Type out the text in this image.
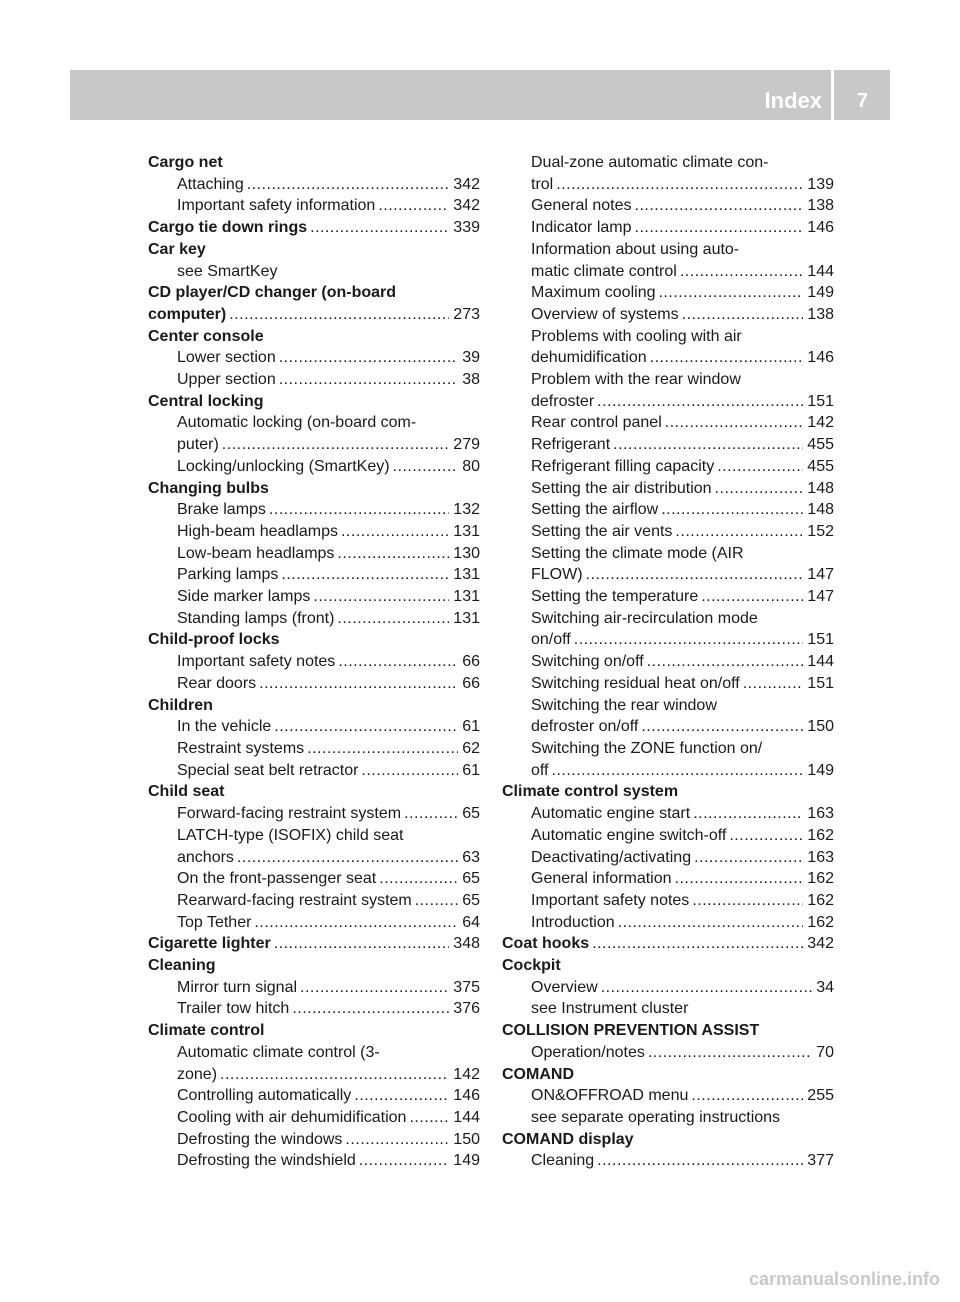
Index 7
Cargo net
Attaching .....	342
Important safety information .....	342
Cargo tie down rings .....	339
Car key
see SmartKey
CD player/CD changer (on-board
computer) .....	273
Center console
Lower section .....	39
Upper section .....	38
Central locking
Automatic locking (on-board com-
puter) .....	279
Locking/unlocking (SmartKey) .....	80
Changing bulbs
Brake lamps .....	132
High-beam headlamps .....	131
Low-beam headlamps .....	130
Parking lamps .....	131
Side marker lamps .....	131
Standing lamps (front) .....	131
Child-proof locks
Important safety notes .....	66
Rear doors .....	66
Children
In the vehicle .....	61
Restraint systems .....	62
Special seat belt retractor .....	61
Child seat
Forward-facing restraint system .....	65
LATCH-type (ISOFIX) child seat
anchors .....	63
On the front-passenger seat .....	65
Rearward-facing restraint system .....	65
Top Tether .....	64
Cigarette lighter .....	348
Cleaning
Mirror turn signal .....	375
Trailer tow hitch .....	376
Climate control
Automatic climate control (3-
zone) .....	142
Controlling automatically .....	146
Cooling with air dehumidification .....	144
Defrosting the windows .....	150
Defrosting the windshield .....	149
Dual-zone automatic climate con-
trol .....	139
General notes .....	138
Indicator lamp .....	146
Information about using auto-
matic climate control .....	144
Maximum cooling .....	149
Overview of systems .....	138
Problems with cooling with air
dehumidification .....	146
Problem with the rear window
defroster .....	151
Rear control panel .....	142
Refrigerant .....	455
Refrigerant filling capacity .....	455
Setting the air distribution .....	148
Setting the airflow .....	148
Setting the air vents .....	152
Setting the climate mode (AIR
FLOW) .....	147
Setting the temperature .....	147
Switching air-recirculation mode
on/off .....	151
Switching on/off .....	144
Switching residual heat on/off .....	151
Switching the rear window
defroster on/off .....	150
Switching the ZONE function on/
off .....	149
Climate control system
Automatic engine start .....	163
Automatic engine switch-off .....	162
Deactivating/activating .....	163
General information .....	162
Important safety notes .....	162
Introduction .....	162
Coat hooks .....	342
Cockpit
Overview .....	34
see Instrument cluster
COLLISION PREVENTION ASSIST
Operation/notes .....	70
COMAND
ON&OFFROAD menu .....	255
see separate operating instructions
COMAND display
Cleaning .....	377
carmanualsonline.info
